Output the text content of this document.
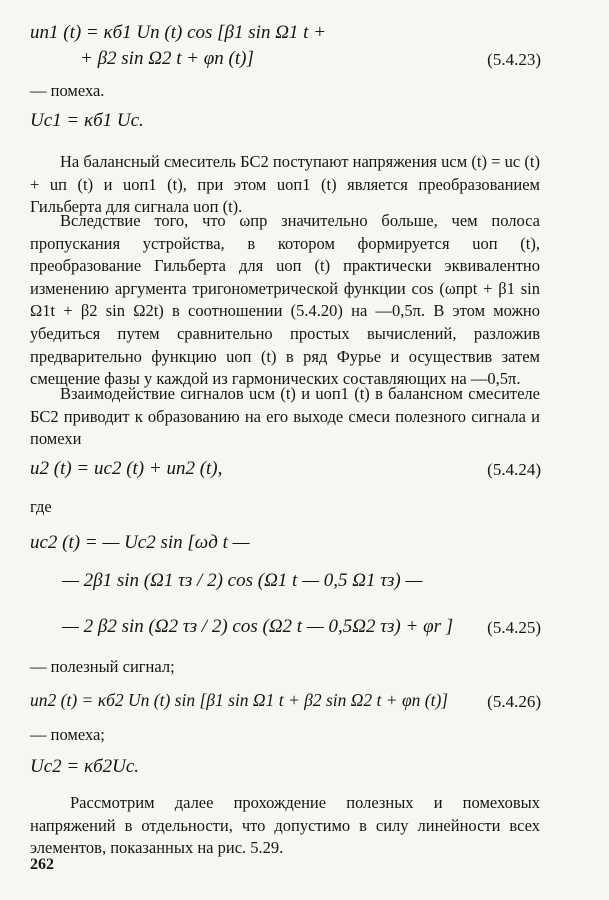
uп1 (t) = κб1 Uп (t) cos [β1 sin Ω1 t +
+ β2 sin Ω2 t + φп (t)]	(5.4.23)
— помеха.
Uc1 = κб1 Uc.
На балансный смеситель БС2 поступают напряжения uсм (t) = uc (t) + uп (t) и uоп1 (t), при этом uоп1 (t) является преобразованием Гильберта для сигнала uоп (t).
Вследствие того, что ωпр значительно больше, чем полоса пропускания устройства, в котором формируется uоп (t), преобразование Гильберта для uоп (t) практически эквивалентно изменению аргумента тригонометрической функции cos (ωпрt + β1 sin Ω1t + β2 sin Ω2t) в соотношении (5.4.20) на —0,5π. В этом можно убедиться путем сравнительно простых вычислений, разложив предварительно функцию uоп (t) в ряд Фурье и осуществив затем смещение фазы у каждой из гармонических составляющих на —0,5π.
Взаимодействие сигналов uсм (t) и uоп1 (t) в балансном смесителе БС2 приводит к образованию на его выходе смеси полезного сигнала и помехи
u2 (t) = uc2 (t) + uп2 (t),	(5.4.24)
где
uc2 (t) = — Uc2 sin [ωд t —
— 2β1 sin (Ω1 τз / 2) cos (Ω1 t — 0,5 Ω1 τз) —
— 2 β2 sin (Ω2 τз / 2) cos (Ω2 t — 0,5Ω2 τз) + φr ] (5.4.25)
— полезный сигнал;
uп2 (t) = κб2 Uп (t) sin [β1 sin Ω1 t + β2 sin Ω2 t + φп (t)] (5.4.26)
— помеха;
Uc2 = κб2Uc.
Рассмотрим далее прохождение полезных и помеховых напряжений в отдельности, что допустимо в силу линейности всех элементов, показанных на рис. 5.29.
262
